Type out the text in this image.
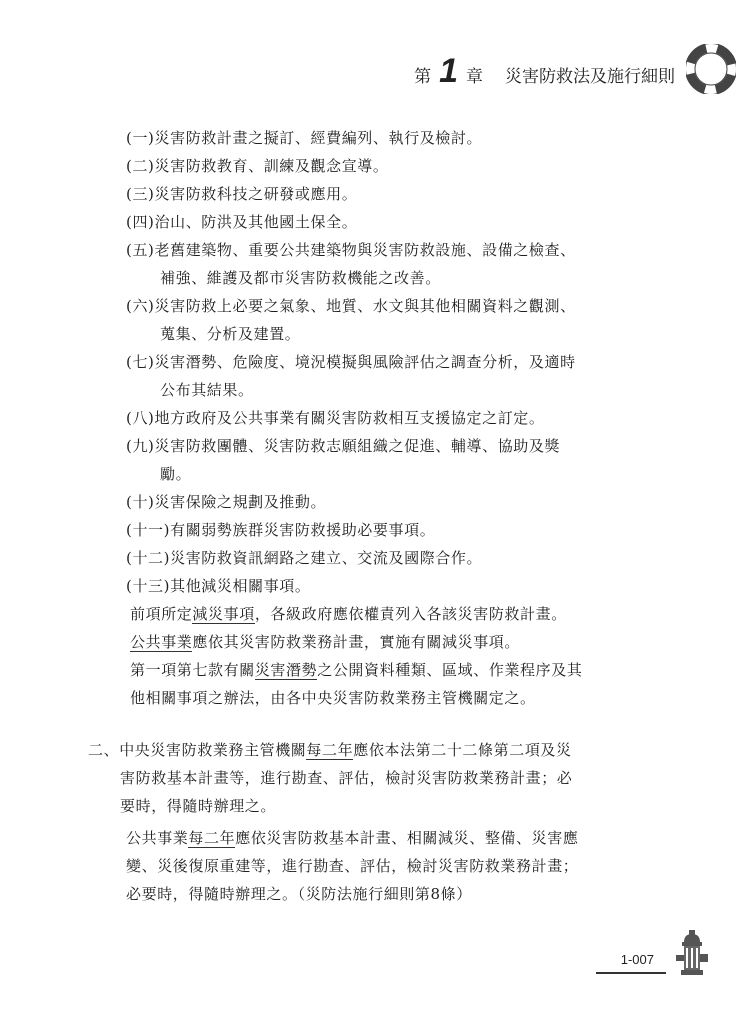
第 1 章 災害防救法及施行細則
(一)災害防救計畫之擬訂、經費編列、執行及檢討。
(二)災害防救教育、訓練及觀念宣導。
(三)災害防救科技之研發或應用。
(四)治山、防洪及其他國土保全。
(五)老舊建築物、重要公共建築物與災害防救設施、設備之檢查、
補強、維護及都市災害防救機能之改善。
(六)災害防救上必要之氣象、地質、水文與其他相關資料之觀測、
蒐集、分析及建置。
(七)災害潛勢、危險度、境況模擬與風險評估之調查分析，及適時
公布其結果。
(八)地方政府及公共事業有關災害防救相互支援協定之訂定。
(九)災害防救團體、災害防救志願組織之促進、輔導、協助及獎
勵。
(十)災害保險之規劃及推動。
(十一)有關弱勢族群災害防救援助必要事項。
(十二)災害防救資訊網路之建立、交流及國際合作。
(十三)其他減災相關事項。
前項所定減災事項，各級政府應依權責列入各該災害防救計畫。
公共事業應依其災害防救業務計畫，實施有關減災事項。
第一項第七款有關災害潛勢之公開資料種類、區域、作業程序及其
他相關事項之辦法，由各中央災害防救業務主管機關定之。
二、中央災害防救業務主管機關每二年應依本法第二十二條第二項及災
害防救基本計畫等，進行勘查、評估，檢討災害防救業務計畫；必
要時，得隨時辦理之。
公共事業每二年應依災害防救基本計畫、相關減災、整備、災害應
變、災後復原重建等，進行勘查、評估，檢討災害防救業務計畫；
必要時，得隨時辦理之。（災防法施行細則第8條）
1-007
